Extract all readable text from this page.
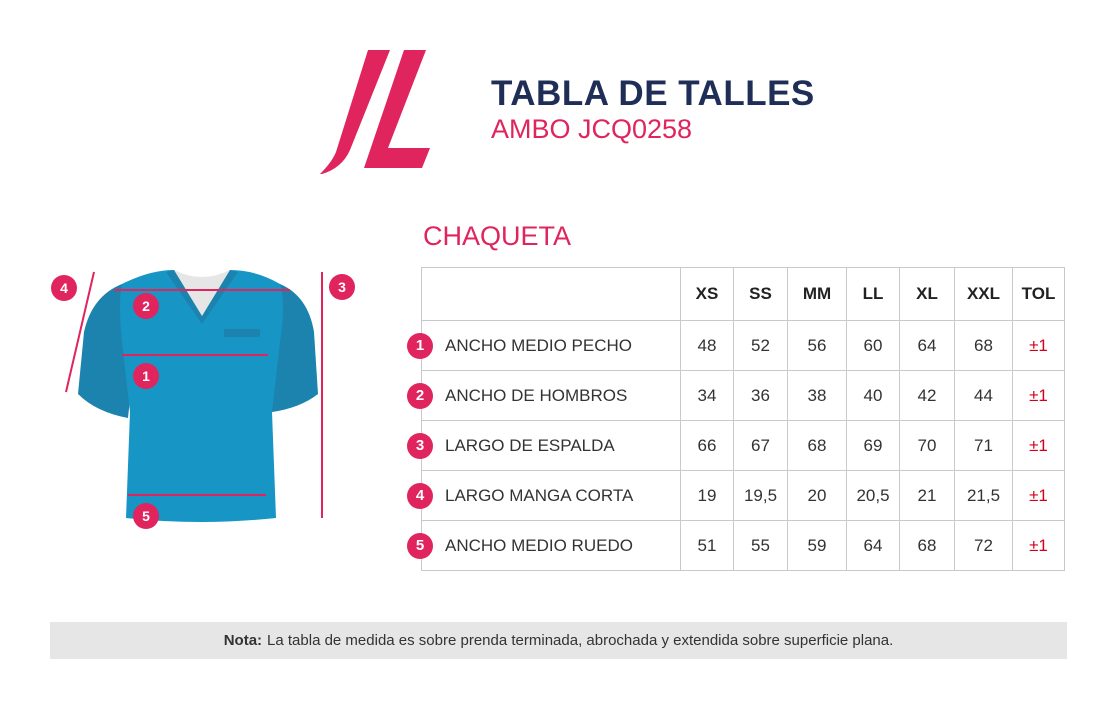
TABLA DE TALLES
AMBO JCQ0258
CHAQUETA
1
2
3
4
5
	XS	SS	MM	LL	XL	XXL	TOL

1 ANCHO MEDIO PECHO	48	52	56	60	64	68	±1

2 ANCHO DE HOMBROS	34	36	38	40	42	44	±1

3 LARGO DE ESPALDA	66	67	68	69	70	71	±1

4 LARGO MANGA CORTA	19	19,5	20	20,5	21	21,5	±1

5 ANCHO MEDIO RUEDO	51	55	59	64	68	72	±1
Nota: La tabla de medida es sobre prenda terminada, abrochada y extendida sobre superficie plana.
